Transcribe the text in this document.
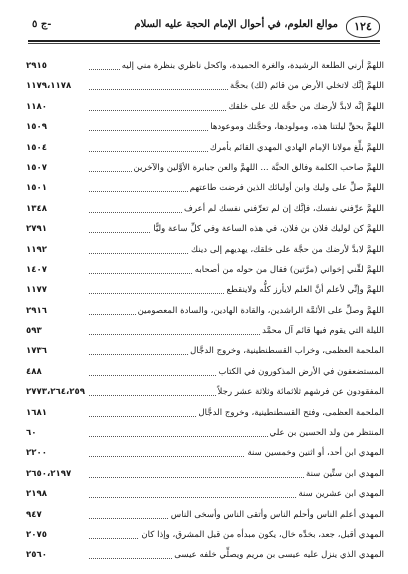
١٢٤
موالع العلوم، في أحوال الإمام الحجة عليه السلام
-ج ٥
اللهمَّ أرني الطلعة الرشيدة، والغرة الحميدة، واكحل ناظري بنظرة مني إليه
٢٩١٥
اللهمَّ إنَّك لاتخلي الأرض من قائم (لك) بحجَّة
١١٧٩،١١٧٨
اللهمَّ إنَّه لابدَّ لأرضك من حجَّة لك على خلقك
١١٨٠
اللهمَّ بحقِّ ليلتنا هذه، ومولودها، وحجَّتك وموعودها
١٥٠٩
اللهمَّ بلِّغ مولانا الإمام الهادي المهدي القائم بأمرك
١٥٠٤
اللهمَّ صاحب الكلمة وفالق الحبَّة ... اللهمَّ والعن جبابرة الأوَّلين والآخرين
١٥٠٧
اللهمَّ صلِّ على وليك وابن أوليائك الذين فرضت طاعتهم
١٥٠١
اللهمَّ عرِّفني نفسك، فإنَّك إن لم تعرِّفني نفسك لم أعرف
١٣٤٨
اللهمَّ كن لوليك فلان بن فلان، في هذه الساعة وفي كلِّ ساعة وليًّا
٢٧٩١
اللهمَّ لابدَّ لأرضك من حجَّة على خلقك، يهديهم إلى دينك
١١٩٢
اللهمَّ لقِّني إخواني (مرَّتين) فقال من حوله من أصحابه
١٤٠٧
اللهمَّ وإنِّي لأعلم أنَّ العلم لايأرز كلُّه ولاينقطع
١١٧٧
اللهمَّ وصلِّ على الأئمَّة الراشدين، والقادة الهادين، والسادة المعصومين
٢٩١٦
الليلة التي يقوم فيها قائم آل محمَّد
٥٩٣
الملحمة العظمى، وخراب القسطنطينية، وخروج الدجَّال
١٧٣٦
المستضعفون في الأرض المذكورون في الكتاب
٤٨٨
المفقودون عن فرشهم ثلاثمائة وثلاثة عشر رجلاً
٢٧٧٣،٢٦٤،٢٥٩
الملحمة العظمى، وفتح القسطنطينية، وخروج الدجَّال
١٦٨١
المنتظر من ولد الحسين بن علي
٦٠
المهدي ابن أحد، أو اثنين وخمسين سنة
٢٢٠٠
المهدي ابن ستِّين سنة
٢٦٥٠،٢١٩٧
المهدي ابن عشرين سنة
٢١٩٨
المهدي أعلم الناس وأحلم الناس وأتقى الناس وأسخى الناس
٩٤٧
المهدي أقبل، جعد، بخدِّه خال، يكون مبدأه من قبل المشرق، وإذا كان
٢٠٧٥
المهدي الذي ينزل عليه عيسى بن مريم ويصلِّي خلفه عيسى
٢٥٦٠
